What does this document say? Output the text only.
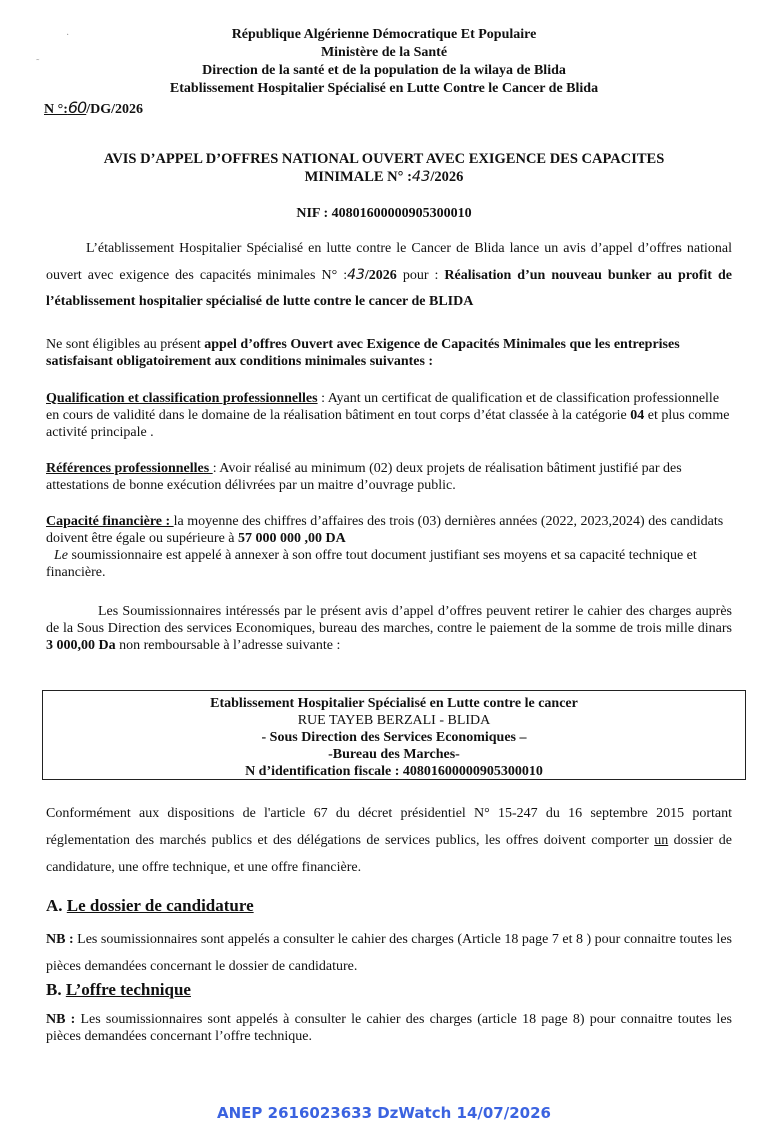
·
˜
République Algérienne Démocratique Et Populaire
Ministère de la Santé
Direction de la santé et de la population de la wilaya de Blida
Etablissement Hospitalier Spécialisé en Lutte Contre le Cancer de Blida
N °:60/DG/2026
AVIS D’APPEL D’OFFRES NATIONAL OUVERT AVEC EXIGENCE DES CAPACITES
MINIMALE N° :43/2026
NIF : 408016000009053000​10
L’établissement Hospitalier Spécialisé en lutte contre le Cancer de Blida lance un avis d’appel d’offres national ouvert avec exigence des capacités minimales N° :43/2026 pour : Réalisation d’un nouveau bunker au profit de l’établissement hospitalier spécialisé de lutte contre le cancer de BLIDA
Ne sont éligibles au présent appel d’offres Ouvert avec Exigence de Capacités Minimales que les entreprises satisfaisant obligatoirement aux conditions minimales suivantes :
Qualification et classification professionnelles : Ayant un certificat de qualification et de classification professionnelle en cours de validité dans le domaine de la réalisation bâtiment en tout corps d’état classée à la catégorie 04 et plus comme activité principale .
Références professionnelles : Avoir réalisé au minimum (02) deux projets de réalisation bâtiment justifié par des attestations de bonne exécution délivrées par un maitre d’ouvrage public.
Capacité financière : la moyenne des chiffres d’affaires des trois (03) dernières années (2022, 2023,2024) des candidats doivent être égale ou supérieure à 57 000 000 ,00 DA
Le soumissionnaire est appelé à annexer à son offre tout document justifiant ses moyens et sa capacité technique et financière.
Les Soumissionnaires intéressés par le présent avis d’appel d’offres peuvent retirer le cahier des charges auprès de la Sous Direction des services Economiques, bureau des marches, contre le paiement de la somme de trois mille dinars 3 000,00 Da non remboursable à l’adresse suivante :
Etablissement Hospitalier Spécialisé en Lutte contre le cancer
RUE TAYEB BERZALI - BLIDA
- Sous Direction des Services Economiques –
-Bureau des Marches-
N d’identification fiscale : 408016000009053000​10
Conformément aux dispositions de l'article 67 du décret présidentiel N° 15-247 du 16 septembre 2015 portant réglementation des marchés publics et des délégations de services publics, les offres doivent comporter un dossier de candidature, une offre technique, et une offre financière.
A. Le dossier de candidature
NB : Les soumissionnaires sont appelés a consulter le cahier des charges (Article 18 page 7 et 8 ) pour connaitre toutes les pièces demandées concernant le dossier de candidature.
B. L’offre technique
NB : Les soumissionnaires sont appelés à consulter le cahier des charges (article 18 page 8) pour connaitre toutes les pièces demandées concernant l’offre technique.
ANEP 2616023633 DzWatch 14/07/2026
